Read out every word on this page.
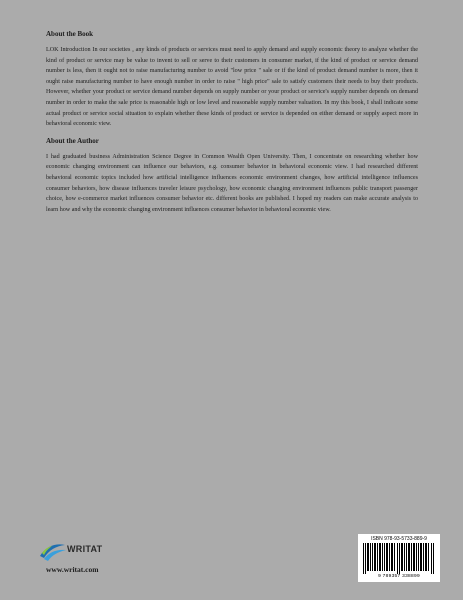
About the Book

LOK Introduction In our societies , any kinds of products or services must need to apply demand and supply economic theory to analyze whether the kind of product or service may be value to invent to sell or serve to their customers in consumer market, if the kind of product or service demand number is less, then it ought not to raise manufacturing number to avoid "low price " sale or if the kind of product demand number is more, then it ought raise manufacturing number to have enough number in order to raise " high price" sale to satisfy customers their needs to buy their products. However, whether your product or service demand number depends on supply number or your product or service's supply number depends on demand number in order to make the sale price is reasonable high or low level and reasonable supply number valuation. In my this book, I shall indicate some actual product or service social situation to explain whether these kinds of product or service is depended on either demand or supply aspect more in behavioral economic view.

About the Author

I had graduated business Administration Science Degree in Common Wealth Open University. Then, I concentrate on researching whether how economic changing environment can influence our behaviors, e.g. consumer behavior in behavioral economic view. I had researched different behavioral economic topics included how artificial intelligence influences economic environment changes, how artificial intelligence influences consumer behaviors, how disease influences traveler leisure psychology, how economic changing environment influences public transport passenger choice, how e-commerce market influences consumer behavior etc. different books are published. I hoped my readers can make accurate analysis to learn how and why the economic changing environment influences consumer behavior in behavioral economic view.

WRITAT
www.writat.com
ISBN 978-93-5733-889-9
9 789357 338899
